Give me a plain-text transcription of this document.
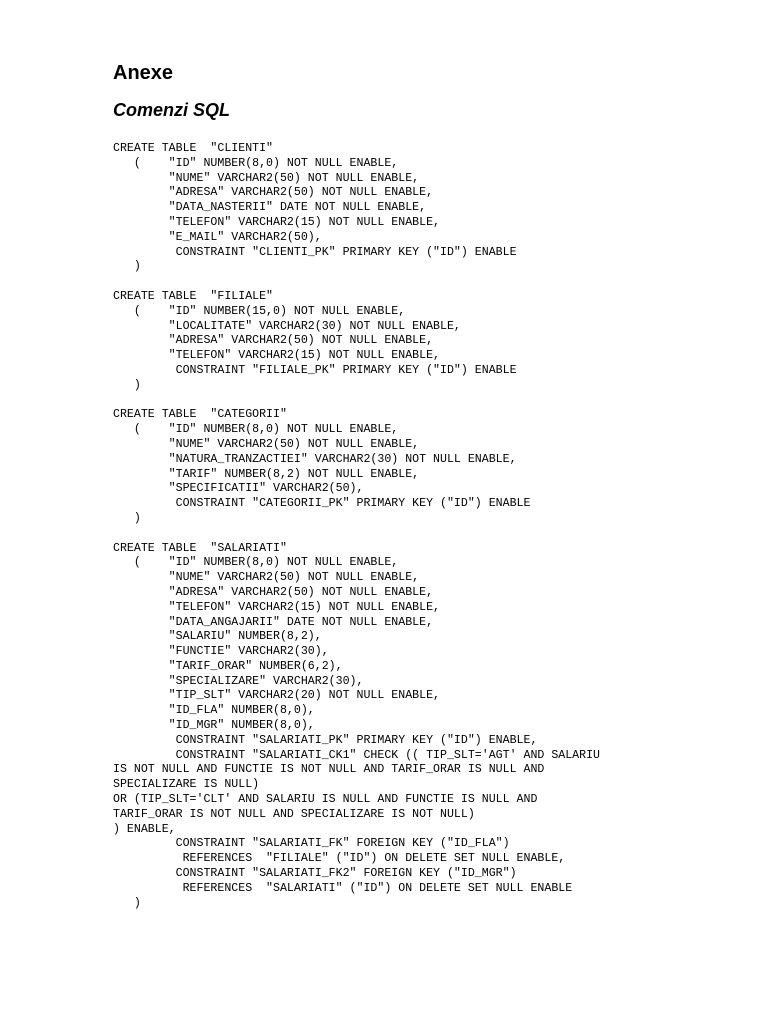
Anexe
Comenzi SQL
CREATE TABLE  "CLIENTI"
(    "ID" NUMBER(8,0) NOT NULL ENABLE,
"NUME" VARCHAR2(50) NOT NULL ENABLE,
"ADRESA" VARCHAR2(50) NOT NULL ENABLE,
"DATA_NASTERII" DATE NOT NULL ENABLE,
"TELEFON" VARCHAR2(15) NOT NULL ENABLE,
"E_MAIL" VARCHAR2(50),
CONSTRAINT "CLIENTI_PK" PRIMARY KEY ("ID") ENABLE
)
CREATE TABLE  "FILIALE"
(    "ID" NUMBER(15,0) NOT NULL ENABLE,
"LOCALITATE" VARCHAR2(30) NOT NULL ENABLE,
"ADRESA" VARCHAR2(50) NOT NULL ENABLE,
"TELEFON" VARCHAR2(15) NOT NULL ENABLE,
CONSTRAINT "FILIALE_PK" PRIMARY KEY ("ID") ENABLE
)
CREATE TABLE  "CATEGORII"
(    "ID" NUMBER(8,0) NOT NULL ENABLE,
"NUME" VARCHAR2(50) NOT NULL ENABLE,
"NATURA_TRANZACTIEI" VARCHAR2(30) NOT NULL ENABLE,
"TARIF" NUMBER(8,2) NOT NULL ENABLE,
"SPECIFICATII" VARCHAR2(50),
CONSTRAINT "CATEGORII_PK" PRIMARY KEY ("ID") ENABLE
)
CREATE TABLE  "SALARIATI"
(    "ID" NUMBER(8,0) NOT NULL ENABLE,
"NUME" VARCHAR2(50) NOT NULL ENABLE,
"ADRESA" VARCHAR2(50) NOT NULL ENABLE,
"TELEFON" VARCHAR2(15) NOT NULL ENABLE,
"DATA_ANGAJARII" DATE NOT NULL ENABLE,
"SALARIU" NUMBER(8,2),
"FUNCTIE" VARCHAR2(30),
"TARIF_ORAR" NUMBER(6,2),
"SPECIALIZARE" VARCHAR2(30),
"TIP_SLT" VARCHAR2(20) NOT NULL ENABLE,
"ID_FLA" NUMBER(8,0),
"ID_MGR" NUMBER(8,0),
CONSTRAINT "SALARIATI_PK" PRIMARY KEY ("ID") ENABLE,
CONSTRAINT "SALARIATI_CK1" CHECK (( TIP_SLT='AGT' AND SALARIU
IS NOT NULL AND FUNCTIE IS NOT NULL AND TARIF_ORAR IS NULL AND
SPECIALIZARE IS NULL)
OR (TIP_SLT='CLT' AND SALARIU IS NULL AND FUNCTIE IS NULL AND
TARIF_ORAR IS NOT NULL AND SPECIALIZARE IS NOT NULL)
) ENABLE,
CONSTRAINT "SALARIATI_FK" FOREIGN KEY ("ID_FLA")
REFERENCES  "FILIALE" ("ID") ON DELETE SET NULL ENABLE,
CONSTRAINT "SALARIATI_FK2" FOREIGN KEY ("ID_MGR")
REFERENCES  "SALARIATI" ("ID") ON DELETE SET NULL ENABLE
)
